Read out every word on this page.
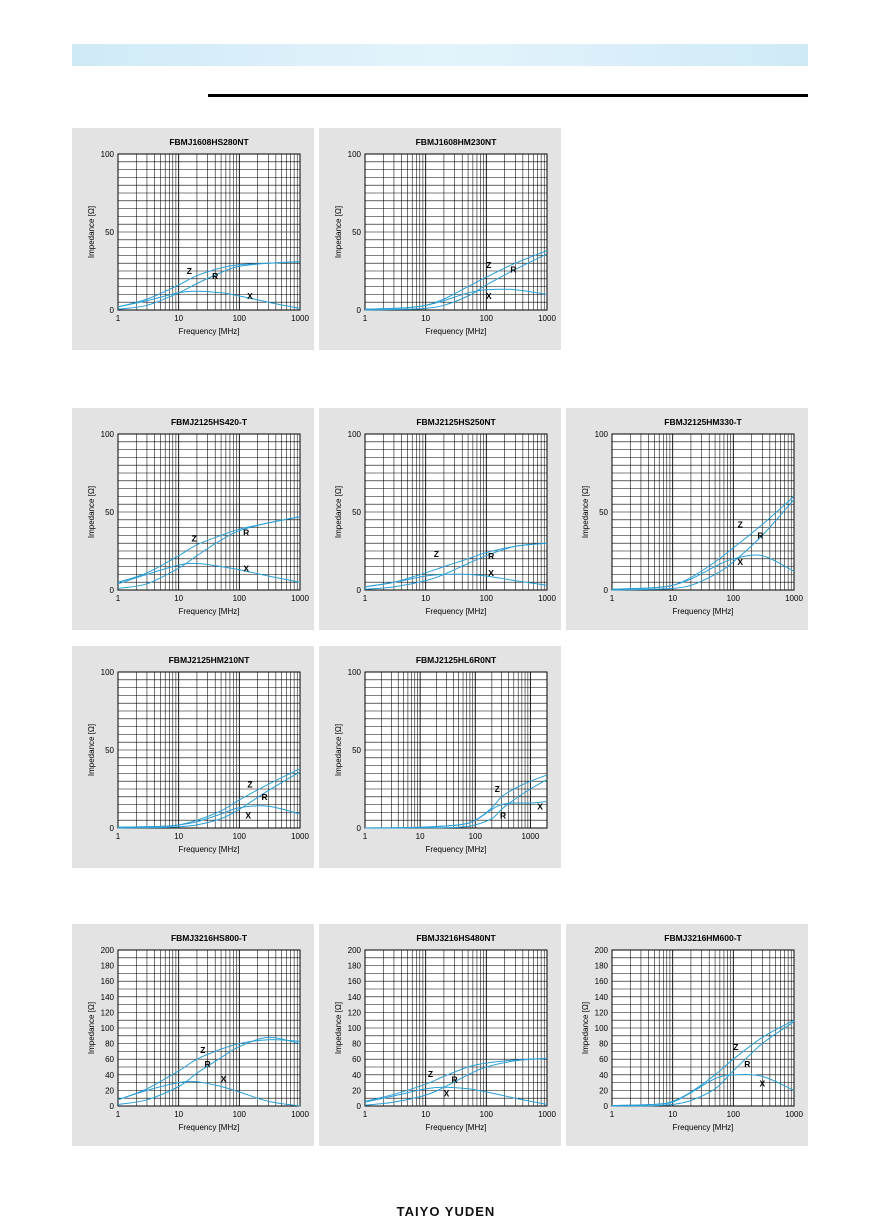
FBMJ1608HS280NT
0
50
100
1	10	100	1000
Frequency [MHz]
Impedance [Ω]
Z R
X
FBMJ1608HM230NT
0
50
100
1	10	100	1000
Frequency [MHz]
Impedance [Ω]
Z R
X
FBMJ2125HS420-T
0
50
100
1	10	100	1000
Frequency [MHz]
Impedance [Ω]
Z
R
X
FBMJ2125HS250NT
0
50
100
1	10	100	1000
Frequency [MHz]
Impedance [Ω]
Z	R
X
FBMJ2125HM330-T
0
50
100
1	10	100	1000
Frequency [MHz]
Impedance [Ω]	Z
R
X
FBMJ2125HM210NT
0
50
100
1	10	100	1000
Frequency [MHz]
Impedance [Ω]
Z
R
X
FBMJ2125HL6R0NT
0
50
100
1	10	100	1000
Frequency [MHz]
Impedance [Ω]
Z
R
X
FBMJ3216HS800-T
0
20
40
60
80
100
120
140
160
180
200
1	10	100	1000
Frequency [MHz]
Impedance [Ω]	Z
R
X
FBMJ3216HS480NT
0
20
40
60
80
100
120
140
160
180
200
1	10	100	1000
Frequency [MHz]
Impedance [Ω]
Z
R
X
FBMJ3216HM600-T
0
20
40
60
80
100
120
140
160
180
200
1	10	100	1000
Frequency [MHz]
Impedance [Ω]	Z
R
X
TAIYO YUDEN
